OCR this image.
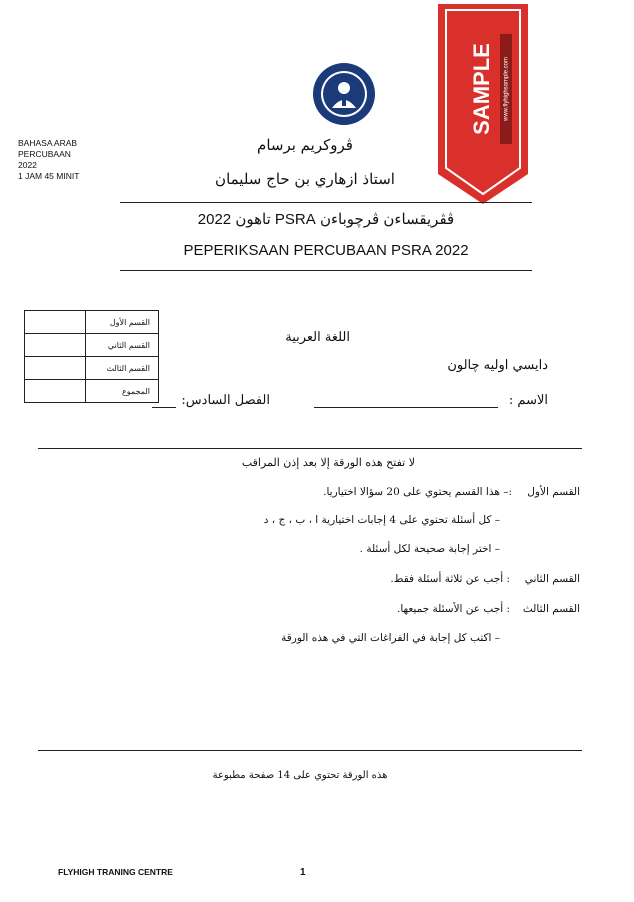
BAHASA ARAB
PERCUBAAN
2022
1 JAM 45 MINIT
SAMPLE www.flyhighsample.com
ڤروكريم برسام
استاذ ازهاري بن حاج سليمان
ڤڤريقساءن ڤرچوباءن PSRA تاهون 2022
PEPERIKSAAN PERCUBAAN PSRA 2022
	القسم الأول
	القسم الثاني
	القسم الثالث
	المجموع
اللغة العربية
دايسي اوليه چالون
الاسم :
الفصل السادس:
لا تفتح هذه الورقة إلا بعد إذن المراقب
القسم الأول
:– هذا القسم يحتوي على 20 سؤالا اختياريا.
– كل أسئلة تحتوي على 4 إجابات اختيارية ا ، ب ، ج ، د
– اختر إجابة صحيحة لكل أسئلة .
القسم الثاني
: أجب عن ثلاثة أسئلة فقط.
القسم الثالث
: أجب عن الأسئلة جميعها.
– اكتب كل إجابة في الفراغات التي في هذه الورقة
هذه الورقة تحتوي على 14 صفحة مطبوعة
FLYHIGH TRANING CENTRE	1
